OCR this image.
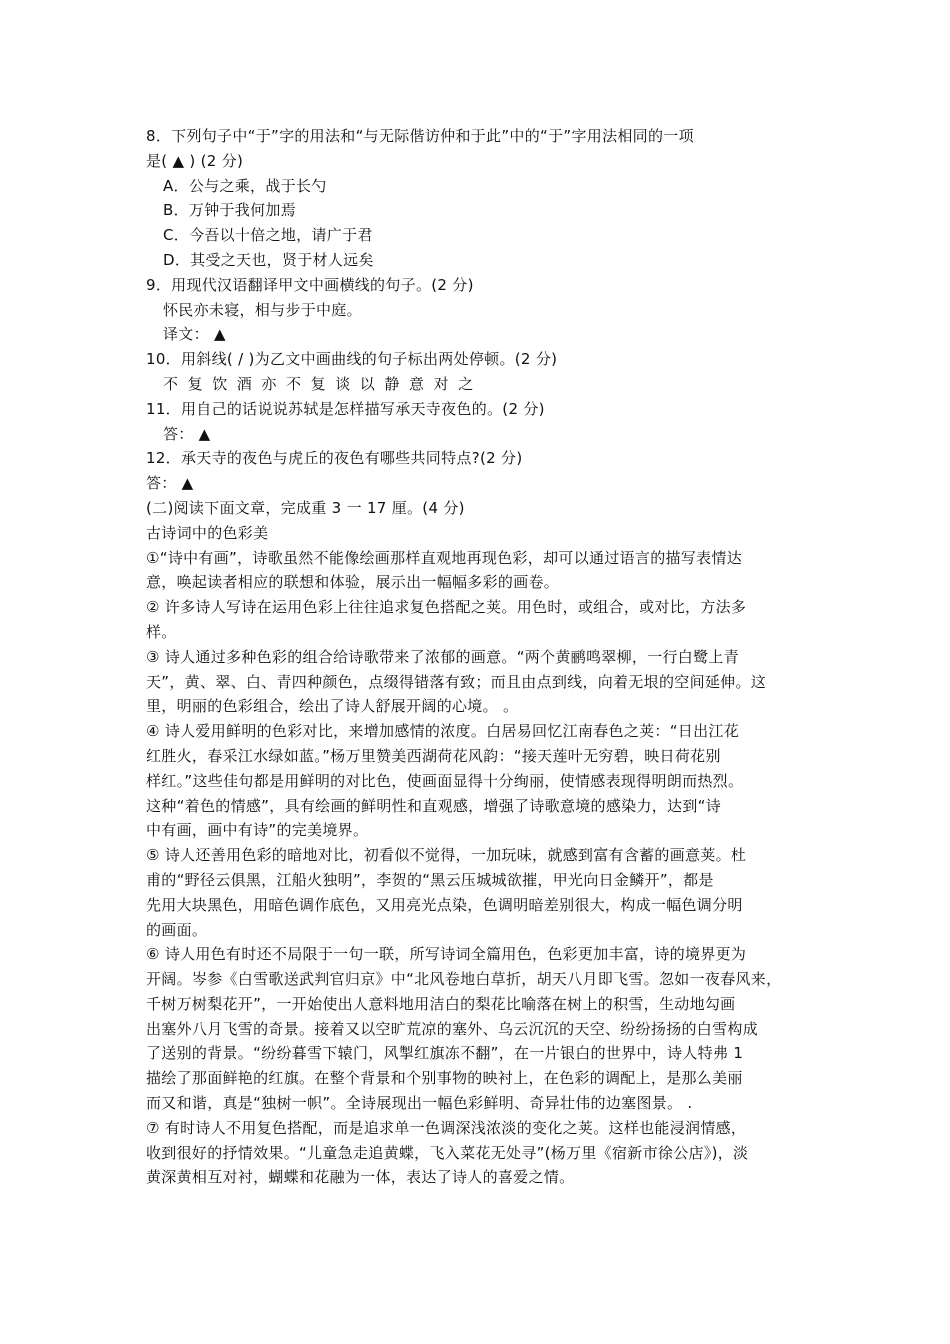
8．下列句子中“于”字的用法和“与无际偕访仲和于此”中的“于”字用法相同的一项
是( ▲ ) (2 分)
A．公与之乘，战于长勺
B．万钟于我何加焉
C．今吾以十倍之地，请广于君
D．其受之天也，贤于材人远矣
9．用现代汉语翻译甲文中画横线的句子。(2 分)
怀民亦未寝，相与步于中庭。
译文： ▲
10．用斜线( / )为乙文中画曲线的句子标出两处停顿。(2 分)
不复饮酒亦不复谈以静意对之
11．用自己的话说说苏轼是怎样描写承天寺夜色的。(2 分)
答： ▲
12．承天寺的夜色与虎丘的夜色有哪些共同特点?(2 分)
答： ▲
(二)阅读下面文章，完成重 3 一 17 厘。(4 分)
古诗词中的色彩美
①“诗中有画”，诗歌虽然不能像绘画那样直观地再现色彩，却可以通过语言的描写表情达
意，唤起读者相应的联想和体验，展示出一幅幅多彩的画卷。
② 许多诗人写诗在运用色彩上往往追求复色搭配之荚。用色时，或组合，或对比，方法多
样。
③ 诗人通过多种色彩的组合给诗歌带来了浓郁的画意。“两个黄鹂鸣翠柳，一行白鹭上青
天”，黄、翠、白、青四种颜色，点缀得错落有致；而且由点到线，向着无垠的空间延伸。这
里，明丽的色彩组合，绘出了诗人舒展开阔的心境。 。
④ 诗人爱用鲜明的色彩对比，来增加感情的浓度。白居易回忆江南春色之荚：“日出江花
红胜火，春采江水绿如蓝。”杨万里赞美西湖荷花风韵：“接天莲叶无穷碧，映日荷花别
样红。”这些佳句都是用鲜明的对比色，使画面显得十分绚丽，使情感表现得明朗而热烈。
这种“着色的情感”，具有绘画的鲜明性和直观感，增强了诗歌意境的感染力，达到“诗
中有画，画中有诗”的完美境界。
⑤ 诗人还善用色彩的暗地对比，初看似不觉得，一加玩味，就感到富有含蓄的画意荚。杜
甫的“野径云俱黑，江船火独明”，李贺的“黑云压城城欲摧，甲光向日金鳞开”，都是
先用大块黑色，用暗色调作底色，又用亮光点染，色调明暗差别很大，构成一幅色调分明
的画面。
⑥ 诗人用色有时还不局限于一句一联，所写诗词全篇用色，色彩更加丰富，诗的境界更为
开阔。岑参《白雪歌送武判官归京》中“北风卷地白草折，胡天八月即飞雪。忽如一夜春风来，
千树万树梨花开”，一开始使出人意料地用洁白的梨花比喻落在树上的积雪，生动地勾画
出塞外八月飞雪的奇景。接着又以空旷荒凉的塞外、乌云沉沉的天空、纷纷扬扬的白雪构成
了送别的背景。“纷纷暮雪下辕门，风掣红旗冻不翻”，在一片银白的世界中，诗人特弗 1
描绘了那面鲜艳的红旗。在整个背景和个别事物的映衬上，在色彩的调配上，是那么美丽
而又和谐，真是“独树一帜”。全诗展现出一幅色彩鲜明、奇异壮伟的边塞图景。 .
⑦ 有时诗人不用复色搭配，而是追求单一色调深浅浓淡的变化之荚。这样也能浸润情感，
收到很好的抒情效果。“儿童急走追黄蝶，飞入菜花无处寻”(杨万里《宿新市徐公店》)，淡
黄深黄相互对衬，蝴蝶和花融为一体，表达了诗人的喜爱之情。
